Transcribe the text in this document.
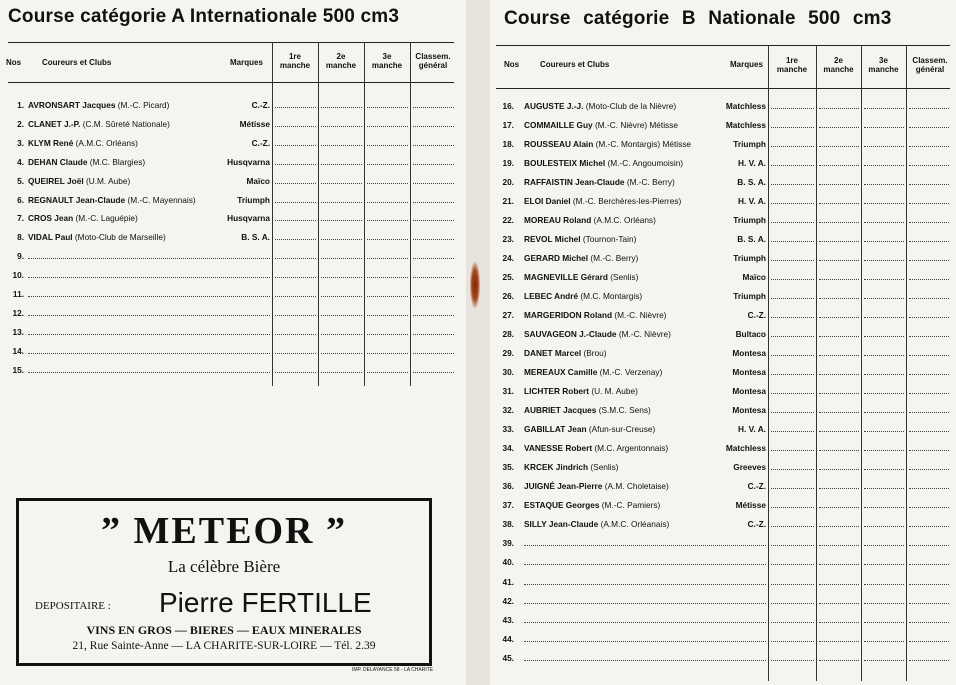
Course catégorie A Internationale 500 cm3
Nos	Coureurs et Clubs	Marques
1re
manche
2e
manche
3e
manche
Classem.
général
1. AVRONSART Jacques (M.-C. Picard)	C.-Z.
2. CLANET J.-P. (C.M. Sûreté Nationale)	Métisse
3. KLYM René (A.M.C. Orléans)	C.-Z.
4. DEHAN Claude (M.C. Blargies)	Husqvarna
5. QUEIREL Joël (U.M. Aube)	Maïco
6. REGNAULT Jean-Claude (M.-C. Mayennais)	Triumph
7. CROS Jean (M.-C. Laguépie)	Husqvarna
8. VIDAL Paul (Moto-Club de Marseille)	B. S. A.
9.
10.
11.
12.
13.
14.
15.
” METEOR ”
La célèbre Bière
DEPOSITAIRE : Pierre FERTILLE
VINS EN GROS — BIERES — EAUX MINERALES
21, Rue Sainte-Anne — LA CHARITE-SUR-LOIRE — Tél. 2.39
IMP. DELAYANCE 58 - LA CHARITE
Course catégorie B Nationale 500 cm3
Nos	Coureurs et Clubs	Marques	1re
manche
2e
manche
3e
manche
Classem.
général
16. AUGUSTE J.-J. (Moto-Club de la Nièvre)	Matchless
17. COMMAILLE Guy (M.-C. Nièvre) Métisse	Matchless
18. ROUSSEAU Alain (M.-C. Montargis) Métisse	Triumph
19. BOULESTEIX Michel (M.-C. Angoumoisin)	H. V. A.
20. RAFFAISTIN Jean-Claude (M.-C. Berry)	B. S. A.
21. ELOI Daniel (M.-C. Berchères-les-Pierres)	H. V. A.
22. MOREAU Roland (A.M.C. Orléans)	Triumph
23. REVOL Michel (Tournon-Tain)	B. S. A.
24. GERARD Michel (M.-C. Berry)	Triumph
25. MAGNEVILLE Gérard (Senlis)	Maïco
26. LEBEC André (M.C. Montargis)	Triumph
27. MARGERIDON Roland (M.-C. Nièvre)	C.-Z.
28. SAUVAGEON J.-Claude (M.-C. Nièvre)	Bultaco
29. DANET Marcel (Brou)	Montesa
30. MEREAUX Camille (M.-C. Verzenay)	Montesa
31. LICHTER Robert (U. M. Aube)	Montesa
32. AUBRIET Jacques (S.M.C. Sens)	Montesa
33. GABILLAT Jean (Afun-sur-Creuse)	H. V. A.
34. VANESSE Robert (M.C. Argentonnais)	Matchless
35. KRCEK Jindrich (Senlis)	Greeves
36. JUIGNÉ Jean-Pierre (A.M. Choletaise)	C.-Z.
37. ESTAQUE Georges (M.-C. Pamiers)	Métisse
38. SILLY Jean-Claude (A.M.C. Orléanais)	C.-Z.
39.
40.
41.
42.
43.
44.
45.
